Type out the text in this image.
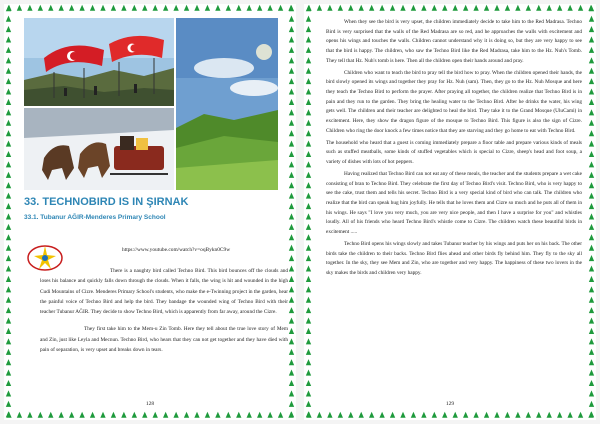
33. TECHNOBIRD IS IN ŞIRNAK
33.1. Tubanur AĞIR-Menderes Primary School
https://www.youtube.com/watch?v=oqBykn0C9w

There is a naughty bird called Techno Bird. This bird bounces off the clouds and loses his balance and quickly falls down through the clouds. When it falls, the wing is hit and wounded in the high Cudi Mountains of Cizre. Menderes Primary School's students, who make the e-Twinning project in the garden, hear the painful voice of Techno Bird and help the bird. They bandage the wounded wing of Techno Bird with their teacher Tubanur AĞIR. They decide to show Techno Bird, which is apparently from far away, around the Cizre.

They first take him to the Mem-u Zin Tomb. Here they tell about the true love story of Mem and Zin, just like Leyla and Mecnun. Techno Bird, who hears that they can not get together and they have died with pain of separation, is very upset and breaks down in tears.

128

When they see the bird is very upset, the children immediately decide to take him to the Red Madrasa. Techno Bird is very surprised that the walls of the Red Madrasa are so red, and he approaches the walls with excitement and opens his wings and touches the walls. Children cannot understand why it is doing so, but they are very happy to see that the bird is happy. The children, who saw the Techno Bird like the Red Madrasa, take him to the Hz. Nuh's Tomb. They tell that Hz. Nuh's tomb is here. Then all the children open their hands around and pray.

Children who want to teach the bird to pray tell the bird how to pray. When the children opened their hands, the bird slowly opened its wings and together they pray for Hz. Nuh (sam). Then, they go to the Hz. Nuh Mosque and here they teach the Techno Bird to perform the prayer. After praying all together, the children realize that Techno Bird is in pain and they run to the garden. They bring the healing water to the Techno Bird. After he drinks the water, his wing gets well. The children and their teacher are delighted to heal the bird. They take it to the Grand Mosque (UluCami) in excitement. Here, they show the dragon figure of the mosque to Techno Bird. This figure is also the sign of Cizre. Children who ring the door knock a few times notice that they are starving and they go home to eat with Techno Bird.

The household who heard that a guest is coming immediately prepare a floor table and prepare various kinds of meals such as stuffed meatballs, some kinds of stuffed vegetables which is special to Cizre, sheep's head and foot soup, a variety of dishes with lots of hot peppers.

Having realized that Techno Bird can not eat any of these meals, the teacher and the students prepare a wet cake consisting of bran to Techno Bird. They celebrate the first day of Techno Bird's visit. Techno Bird, who is very happy to see the cake, trust them and tells his secret. Techno Bird is a very special kind of bird who can talk. The children who realize that the bird can speak hug him joyfully. He tells that he loves them and Cizre so much and he puts all of them in his wings. He says "I love you very much, you are very nice people, and then I have a surprise for you" and whistles loudly. All of his friends who heard Techno Bird's whistle come to Cizre. The children watch these beautiful birds in excitement .....

Techno Bird opens his wings slowly and takes Tubanur teacher by his wings and puts her on his back. The other birds take the children to their backs. Techno Bird flies ahead and other birds fly behind him. They fly to the sky all together. In the sky, they see Mem and Zin, who are together and very happy. The happiness of these two lovers in the sky makes the birds and children very happy.

129
